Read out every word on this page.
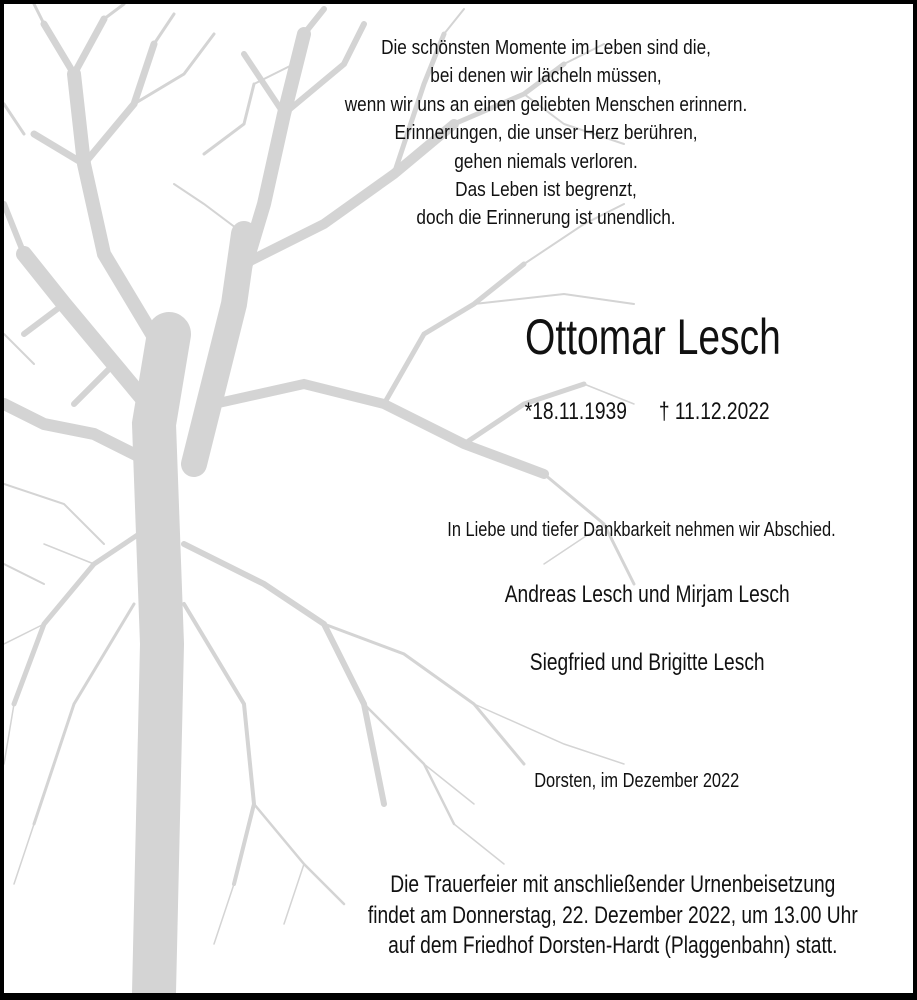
Die schönsten Momente im Leben sind die,
bei denen wir lächeln müssen,
wenn wir uns an einen geliebten Menschen erinnern.
Erinnerungen, die unser Herz berühren,
gehen niemals verloren.
Das Leben ist begrenzt,
doch die Erinnerung ist unendlich.
Ottomar Lesch
*18.11.1939      † 11.12.2022
In Liebe und tiefer Dankbarkeit nehmen wir Abschied.
Andreas Lesch und Mirjam Lesch
Siegfried und Brigitte Lesch
Dorsten, im Dezember 2022
Die Trauerfeier mit anschließender Urnenbeisetzung
findet am Donnerstag, 22. Dezember 2022, um 13.00 Uhr
auf dem Friedhof Dorsten-Hardt (Plaggenbahn) statt.
